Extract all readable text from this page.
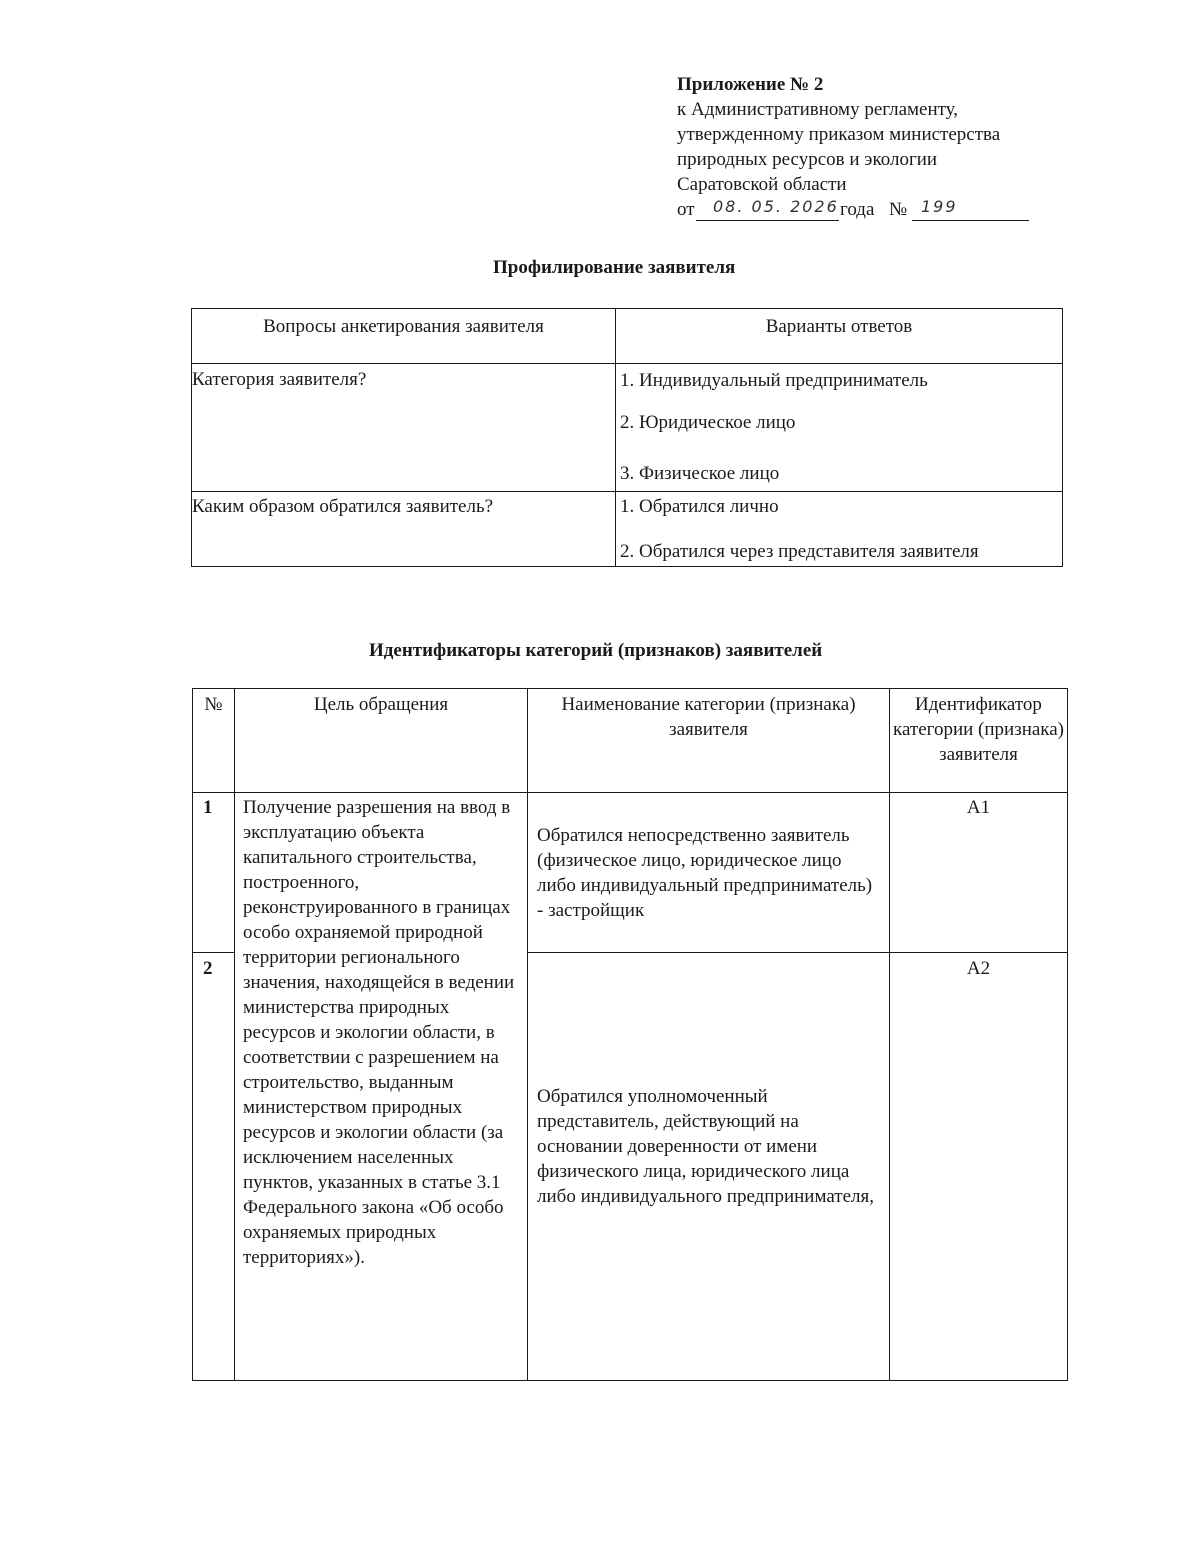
Приложение № 2
к Административному регламенту,
утвержденному приказом министерства
природных ресурсов и экологии
Саратовской области
от 08. 05. 2026 года № 199
Профилирование заявителя
Вопросы анкетирования заявителя	Варианты ответов
Категория заявителя?	1. Индивидуальный предприниматель
2. Юридическое лицо
3. Физическое лицо

Каким образом обратился заявитель?	1. Обратился лично
2. Обратился через представителя заявителя
Идентификаторы категорий (признаков) заявителей
№	Цель обращения	Наименование категории (признака) заявителя	Идентификатор категории (признака) заявителя
1	Получение разрешения на ввод в эксплуатацию объекта капитального строительства, построенного, реконструированного в границах особо охраняемой природной территории регионального значения, находящейся в ведении министерства природных ресурсов и экологии области, в соответствии с разрешением на строительство, выданным министерством природных ресурсов и экологии области (за исключением населенных пунктов, указанных в статье 3.1 Федерального закона «Об особо охраняемых природных территориях»).	Обратился непосредственно заявитель (физическое лицо, юридическое лицо либо индивидуальный предприниматель) - застройщик	А1
2		Обратился уполномоченный представитель, действующий на основании доверенности от имени физического лица, юридического лица либо индивидуального предпринимателя,	А2
